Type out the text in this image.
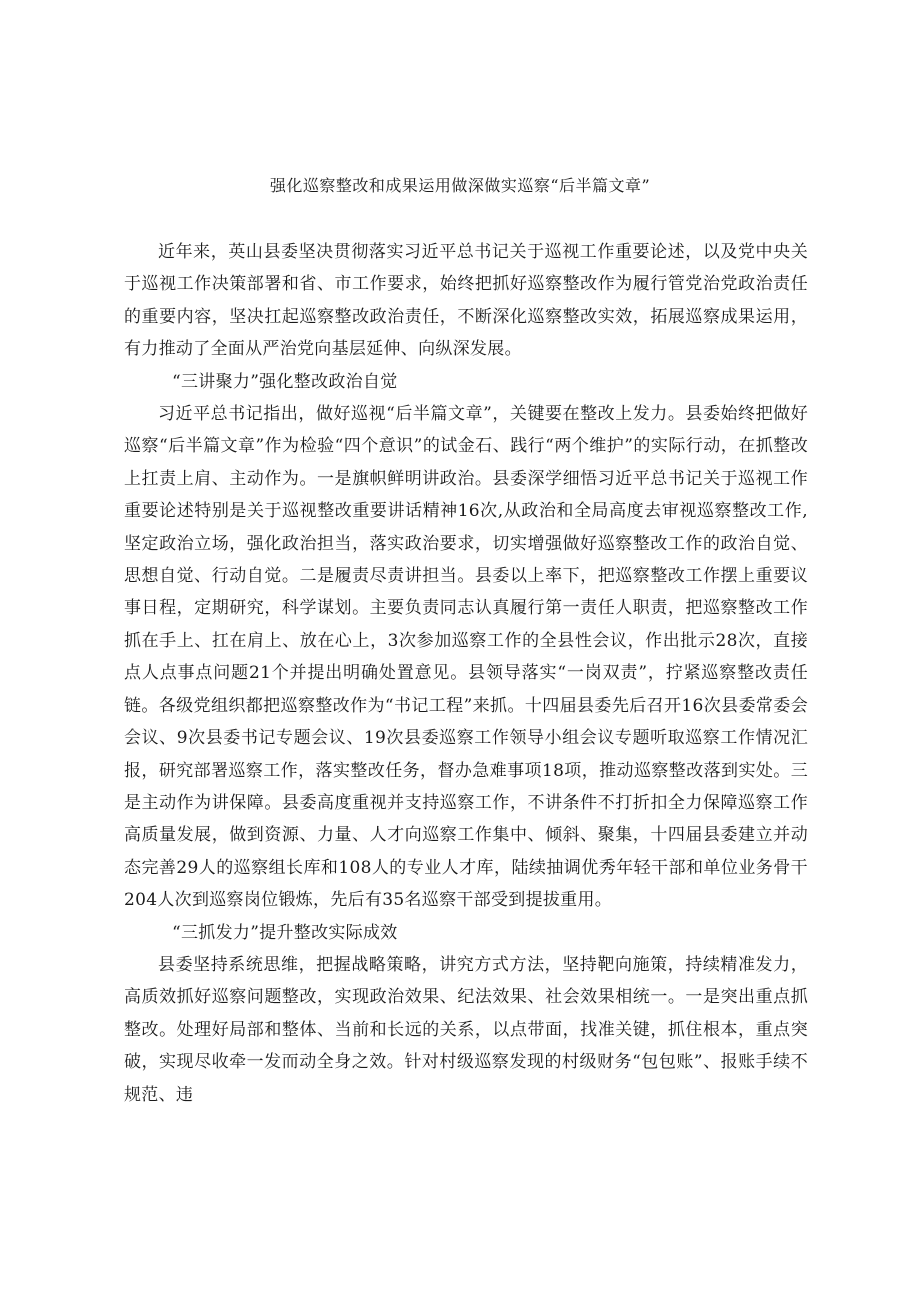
强化巡察整改和成果运用做深做实巡察“后半篇文章”

近年来，英山县委坚决贯彻落实习近平总书记关于巡视工作重要论述，以及党中央关于巡视工作决策部署和省、市工作要求，始终把抓好巡察整改作为履行管党治党政治责任的重要内容，坚决扛起巡察整改政治责任，不断深化巡察整改实效，拓展巡察成果运用，有力推动了全面从严治党向基层延伸、向纵深发展。

“三讲聚力”强化整改政治自觉

习近平总书记指出，做好巡视“后半篇文章”，关键要在整改上发力。县委始终把做好巡察“后半篇文章”作为检验“四个意识”的试金石、践行“两个维护”的实际行动，在抓整改上扛责上肩、主动作为。一是旗帜鲜明讲政治。县委深学细悟习近平总书记关于巡视工作重要论述特别是关于巡视整改重要讲话精神16次,从政治和全局高度去审视巡察整改工作,坚定政治立场，强化政治担当，落实政治要求，切实增强做好巡察整改工作的政治自觉、思想自觉、行动自觉。二是履责尽责讲担当。县委以上率下，把巡察整改工作摆上重要议事日程，定期研究，科学谋划。主要负责同志认真履行第一责任人职责，把巡察整改工作抓在手上、扛在肩上、放在心上，3次参加巡察工作的全县性会议，作出批示28次，直接点人点事点问题21个并提出明确处置意见。县领导落实“一岗双责”，拧紧巡察整改责任链。各级党组织都把巡察整改作为“书记工程”来抓。十四届县委先后召开16次县委常委会会议、9次县委书记专题会议、19次县委巡察工作领导小组会议专题听取巡察工作情况汇报，研究部署巡察工作，落实整改任务，督办急难事项18项，推动巡察整改落到实处。三是主动作为讲保障。县委高度重视并支持巡察工作，不讲条件不打折扣全力保障巡察工作高质量发展，做到资源、力量、人才向巡察工作集中、倾斜、聚集，十四届县委建立并动态完善29人的巡察组长库和108人的专业人才库，陆续抽调优秀年轻干部和单位业务骨干204人次到巡察岗位锻炼，先后有35名巡察干部受到提拔重用。

“三抓发力”提升整改实际成效

县委坚持系统思维，把握战略策略，讲究方式方法，坚持靶向施策，持续精准发力，高质效抓好巡察问题整改，实现政治效果、纪法效果、社会效果相统一。一是突出重点抓整改。处理好局部和整体、当前和长远的关系，以点带面，找准关键，抓住根本，重点突破，实现尽收牵一发而动全身之效。针对村级巡察发现的村级财务“包包账”、报账手续不规范、违
